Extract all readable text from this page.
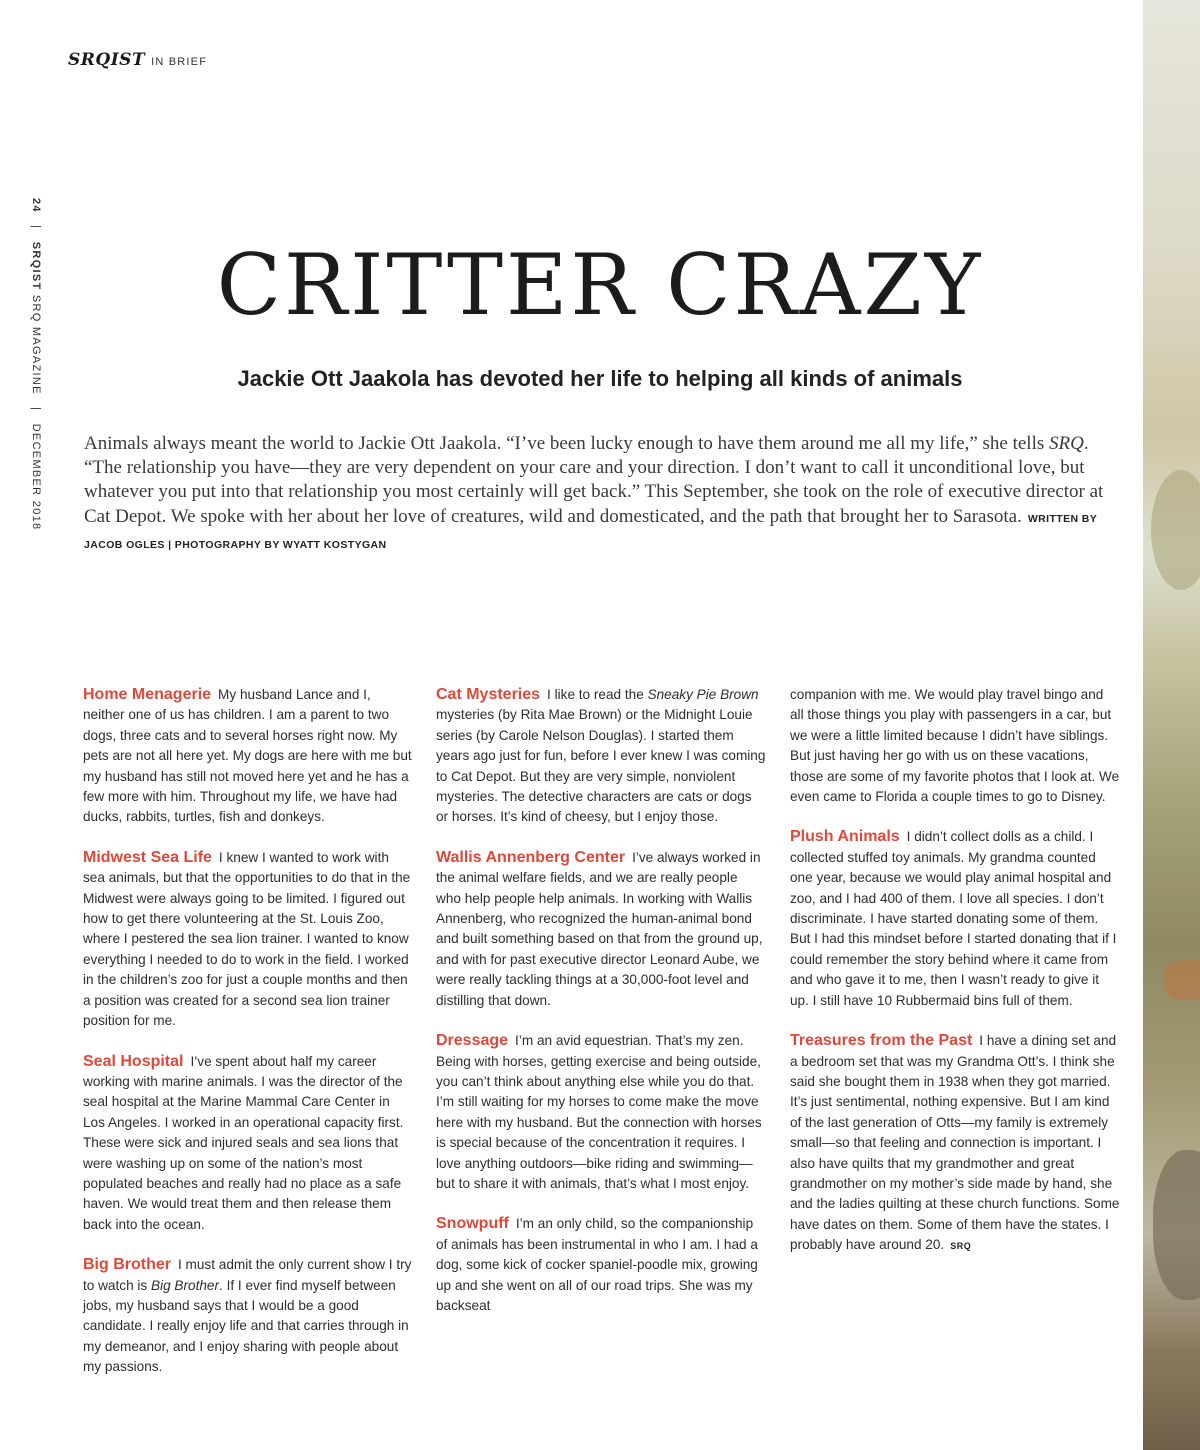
SRQIST IN BRIEF
24 | SRQIST SRQ MAGAZINE | DECEMBER 2018
CRITTER CRAZY
Jackie Ott Jaakola has devoted her life to helping all kinds of animals

Animals always meant the world to Jackie Ott Jaakola. “I’ve been lucky enough to have them around me all my life,” she tells SRQ. “The relationship you have—they are very dependent on your care and your direction. I don’t want to call it unconditional love, but whatever you put into that relationship you most certainly will get back.” This September, she took on the role of executive director at Cat Depot. We spoke with her about her love of creatures, wild and domesticated, and the path that brought her to Sarasota. WRITTEN BY JACOB OGLES | PHOTOGRAPHY BY WYATT KOSTYGAN

Home Menagerie My husband Lance and I, neither one of us has children. I am a parent to two dogs, three cats and to several horses right now. My pets are not all here yet. My dogs are here with me but my husband has still not moved here yet and he has a few more with him. Throughout my life, we have had ducks, rabbits, turtles, fish and donkeys.

Midwest Sea Life I knew I wanted to work with sea animals, but that the opportunities to do that in the Midwest were always going to be limited. I figured out how to get there volunteering at the St. Louis Zoo, where I pestered the sea lion trainer. I wanted to know everything I needed to do to work in the field. I worked in the children’s zoo for just a couple months and then a position was created for a second sea lion trainer position for me.

Seal Hospital I’ve spent about half my career working with marine animals. I was the director of the seal hospital at the Marine Mammal Care Center in Los Angeles. I worked in an operational capacity first. These were sick and injured seals and sea lions that were washing up on some of the nation’s most populated beaches and really had no place as a safe haven. We would treat them and then release them back into the ocean.

Big Brother I must admit the only current show I try to watch is Big Brother. If I ever find myself between jobs, my husband says that I would be a good candidate. I really enjoy life and that carries through in my demeanor, and I enjoy sharing with people about my passions.

Cat Mysteries I like to read the Sneaky Pie Brown mysteries (by Rita Mae Brown) or the Midnight Louie series (by Carole Nelson Douglas). I started them years ago just for fun, before I ever knew I was coming to Cat Depot. But they are very simple, nonviolent mysteries. The detective characters are cats or dogs or horses. It’s kind of cheesy, but I enjoy those.

Wallis Annenberg Center I’ve always worked in the animal welfare fields, and we are really people who help people help animals. In working with Wallis Annenberg, who recognized the human-animal bond and built something based on that from the ground up, and with for past executive director Leonard Aube, we were really tackling things at a 30,000-foot level and distilling that down.

Dressage I’m an avid equestrian. That’s my zen. Being with horses, getting exercise and being outside, you can’t think about anything else while you do that. I’m still waiting for my horses to come make the move here with my husband. But the connection with horses is special because of the concentration it requires. I love anything outdoors—bike riding and swimming—but to share it with animals, that’s what I most enjoy.

Snowpuff I’m an only child, so the companionship of animals has been instrumental in who I am. I had a dog, some kick of cocker spaniel-poodle mix, growing up and she went on all of our road trips. She was my backseat

companion with me. We would play travel bingo and all those things you play with passengers in a car, but we were a little limited because I didn’t have siblings. But just having her go with us on these vacations, those are some of my favorite photos that I look at. We even came to Florida a couple times to go to Disney.

Plush Animals I didn’t collect dolls as a child. I collected stuffed toy animals. My grandma counted one year, because we would play animal hospital and zoo, and I had 400 of them. I love all species. I don’t discriminate. I have started donating some of them. But I had this mindset before I started donating that if I could remember the story behind where it came from and who gave it to me, then I wasn’t ready to give it up. I still have 10 Rubbermaid bins full of them.

Treasures from the Past I have a dining set and a bedroom set that was my Grandma Ott’s. I think she said she bought them in 1938 when they got married. It’s just sentimental, nothing expensive. But I am kind of the last generation of Otts—my family is extremely small—so that feeling and connection is important. I also have quilts that my grandmother and great grandmother on my mother’s side made by hand, she and the ladies quilting at these church functions. Some have dates on them. Some of them have the states. I probably have around 20. SRQ
